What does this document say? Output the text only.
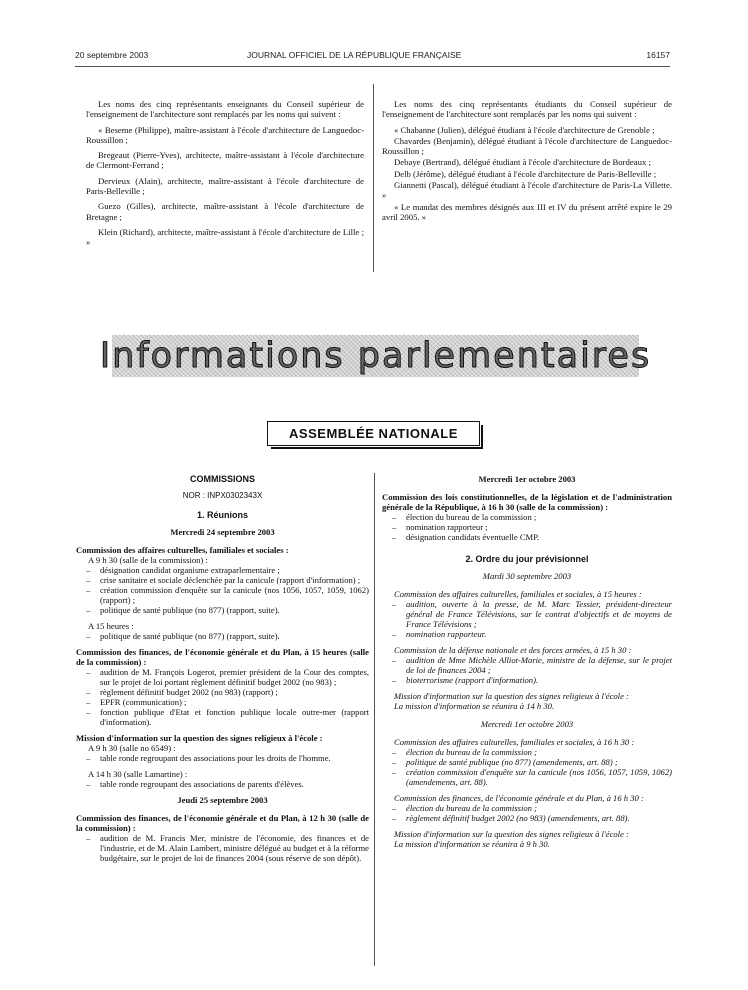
20 septembre 2003	JOURNAL OFFICIEL DE LA RÉPUBLIQUE FRANÇAISE	16157

Les noms des cinq représentants enseignants du Conseil supérieur de l'enseignement de l'architecture sont remplacés par les noms qui suivent :

« Beseme (Philippe), maître-assistant à l'école d'architecture de Languedoc-Roussillon ;

Bregeaut (Pierre-Yves), architecte, maître-assistant à l'école d'architecture de Clermont-Ferrand ;

Dervieux (Alain), architecte, maître-assistant à l'école d'architecture de Paris-Belleville ;

Guezo (Gilles), architecte, maître-assistant à l'école d'architecture de Bretagne ;

Klein (Richard), architecte, maître-assistant à l'école d'architecture de Lille ; »

Les noms des cinq représentants étudiants du Conseil supérieur de l'enseignement de l'architecture sont remplacés par les noms qui suivent :

« Chabanne (Julien), délégué étudiant à l'école d'architecture de Grenoble ;

Chavardes (Benjamin), délégué étudiant à l'école d'architecture de Languedoc-Roussillon ;

Debaye (Bertrand), délégué étudiant à l'école d'architecture de Bordeaux ;

Delb (Jérôme), délégué étudiant à l'école d'architecture de Paris-Belleville ;

Giannetti (Pascal), délégué étudiant à l'école d'architecture de Paris-La Villette. »

« Le mandat des membres désignés aux III et IV du présent arrêté expire le 29 avril 2005. »

Informations parlementaires
ASSEMBLÉE NATIONALE
COMMISSIONS
NOR : INPX0302343X
1. Réunions
Mercredi 24 septembre 2003
Commission des affaires culturelles, familiales et sociales :
A 9 h 30 (salle de la commission) :
– désignation candidat organisme extraparlementaire ;
– crise sanitaire et sociale déclenchée par la canicule (rapport d'information) ;
– création commission d'enquête sur la canicule (nos 1056, 1057, 1059, 1062) (rapport) ;
– politique de santé publique (no 877) (rapport, suite).
A 15 heures :
– politique de santé publique (no 877) (rapport, suite).
Commission des finances, de l'économie générale et du Plan, à 15 heures (salle de la commission) :
– audition de M. François Logerot, premier président de la Cour des comptes, sur le projet de loi portant règlement définitif budget 2002 (no 983) ;
– règlement définitif budget 2002 (no 983) (rapport) ;
– EPFR (communication) ;
– fonction publique d'Etat et fonction publique locale outre-mer (rapport d'information).
Mission d'information sur la question des signes religieux à l'école :
A 9 h 30 (salle no 6549) :
– table ronde regroupant des associations pour les droits de l'homme.
A 14 h 30 (salle Lamartine) :
– table ronde regroupant des associations de parents d'élèves.
Jeudi 25 septembre 2003
Commission des finances, de l'économie générale et du Plan, à 12 h 30 (salle de la commission) :
– audition de M. Francis Mer, ministre de l'économie, des finances et de l'industrie, et de M. Alain Lambert, ministre délégué au budget et à la réforme budgétaire, sur le projet de loi de finances 2004 (sous réserve de son dépôt).
Mercredi 1er octobre 2003
Commission des lois constitutionnelles, de la législation et de l'administration générale de la République, à 16 h 30 (salle de la commission) :
– élection du bureau de la commission ;
– nomination rapporteur ;
– désignation candidats éventuelle CMP.
2. Ordre du jour prévisionnel
Mardi 30 septembre 2003
Commission des affaires culturelles, familiales et sociales, à 15 heures :
– audition, ouverte à la presse, de M. Marc Tessier, président-directeur général de France Télévisions, sur le contrat d'objectifs et de moyens de France Télévisions ;
– nomination rapporteur.
Commission de la défense nationale et des forces armées, à 15 h 30 :
– audition de Mme Michèle Alliot-Marie, ministre de la défense, sur le projet de loi de finances 2004 ;
– bioterrorisme (rapport d'information).
Mission d'information sur la question des signes religieux à l'école :
La mission d'information se réunira à 14 h 30.
Mercredi 1er octobre 2003
Commission des affaires culturelles, familiales et sociales, à 16 h 30 :
– élection du bureau de la commission ;
– politique de santé publique (no 877) (amendements, art. 88) ;
– création commission d'enquête sur la canicule (nos 1056, 1057, 1059, 1062) (amendements, art. 88).
Commission des finances, de l'économie générale et du Plan, à 16 h 30 :
– élection du bureau de la commission ;
– règlement définitif budget 2002 (no 983) (amendements, art. 88).
Mission d'information sur la question des signes religieux à l'école :
La mission d'information se réunira à 9 h 30.
